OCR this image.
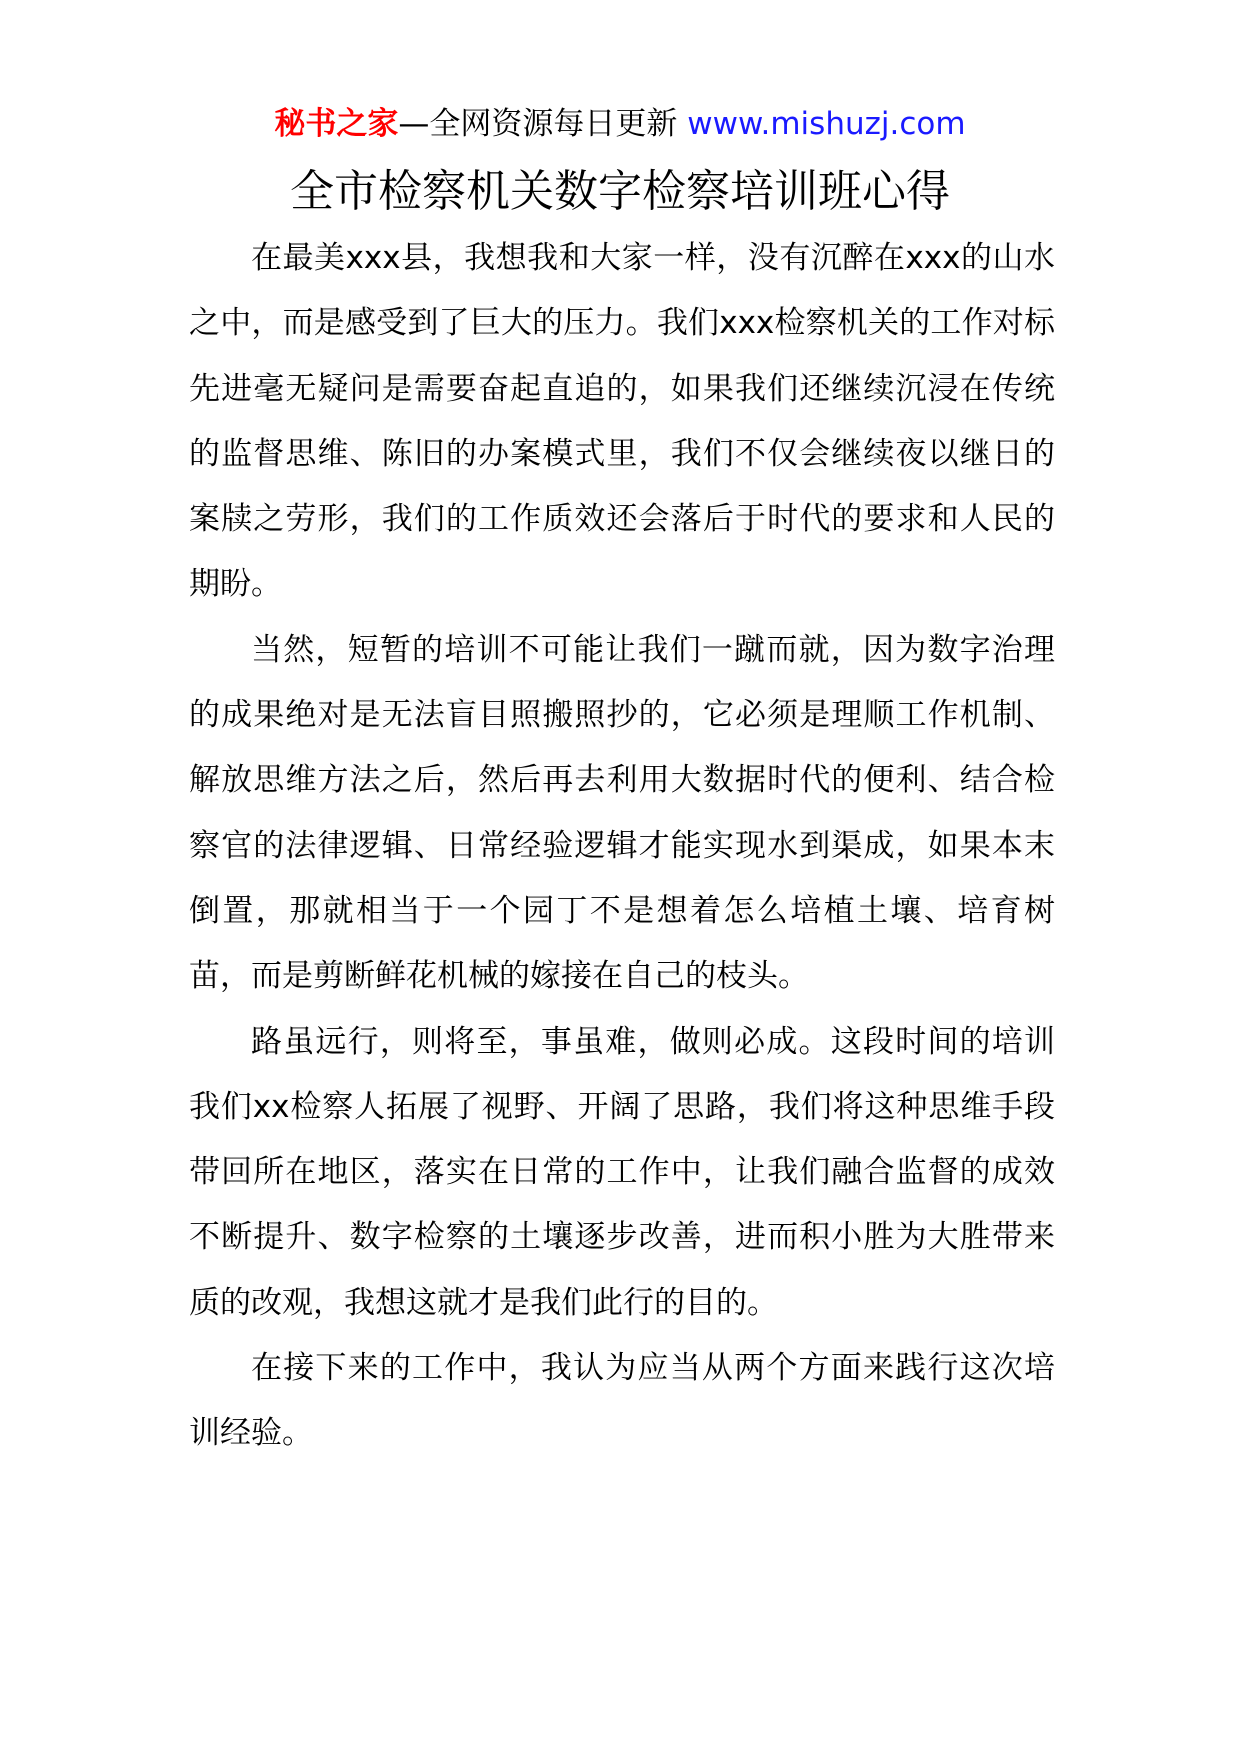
秘书之家—全网资源每日更新 www.mishuzj.com
全市检察机关数字检察培训班心得

在最美xxx县，我想我和大家一样，没有沉醉在xxx的山水之中，而是感受到了巨大的压力。我们xxx检察机关的工作对标先进毫无疑问是需要奋起直追的，如果我们还继续沉浸在传统的监督思维、陈旧的办案模式里，我们不仅会继续夜以继日的案牍之劳形，我们的工作质效还会落后于时代的要求和人民的期盼。

当然，短暂的培训不可能让我们一蹴而就，因为数字治理的成果绝对是无法盲目照搬照抄的，它必须是理顺工作机制、解放思维方法之后，然后再去利用大数据时代的便利、结合检察官的法律逻辑、日常经验逻辑才能实现水到渠成，如果本末倒置，那就相当于一个园丁不是想着怎么培植土壤、培育树苗，而是剪断鲜花机械的嫁接在自己的枝头。

路虽远行，则将至，事虽难，做则必成。这段时间的培训我们xx检察人拓展了视野、开阔了思路，我们将这种思维手段带回所在地区，落实在日常的工作中，让我们融合监督的成效不断提升、数字检察的土壤逐步改善，进而积小胜为大胜带来质的改观，我想这就才是我们此行的目的。

在接下来的工作中，我认为应当从两个方面来践行这次培训经验。
